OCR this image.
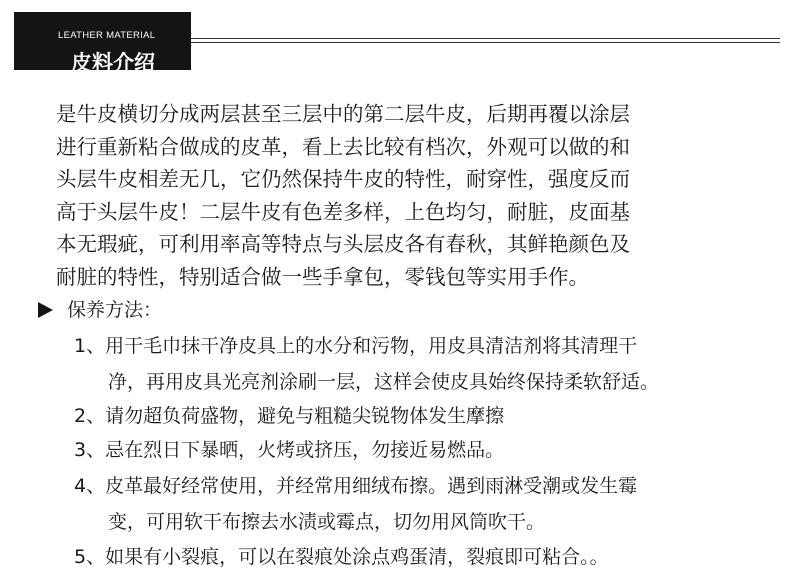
LEATHER MATERIAL
皮料介绍
是牛皮横切分成两层甚至三层中的第二层牛皮，后期再覆以涂层
进行重新粘合做成的皮革，看上去比较有档次，外观可以做的和
头层牛皮相差无几，它仍然保持牛皮的特性，耐穿性，强度反而
高于头层牛皮！二层牛皮有色差多样，上色均匀，耐脏，皮面基
本无瑕疵，可利用率高等特点与头层皮各有春秋，其鲜艳颜色及
耐脏的特性，特别适合做一些手拿包，零钱包等实用手作。
保养方法：
1、用干毛巾抹干净皮具上的水分和污物，用皮具清洁剂将其清理干
净，再用皮具光亮剂涂刷一层，这样会使皮具始终保持柔软舒适。
2、请勿超负荷盛物，避免与粗糙尖锐物体发生摩擦
3、忌在烈日下暴晒，火烤或挤压，勿接近易燃品。
4、皮革最好经常使用，并经常用细绒布擦。遇到雨淋受潮或发生霉
变，可用软干布擦去水渍或霉点，切勿用风筒吹干。
5、如果有小裂痕，可以在裂痕处涂点鸡蛋清，裂痕即可粘合。。
